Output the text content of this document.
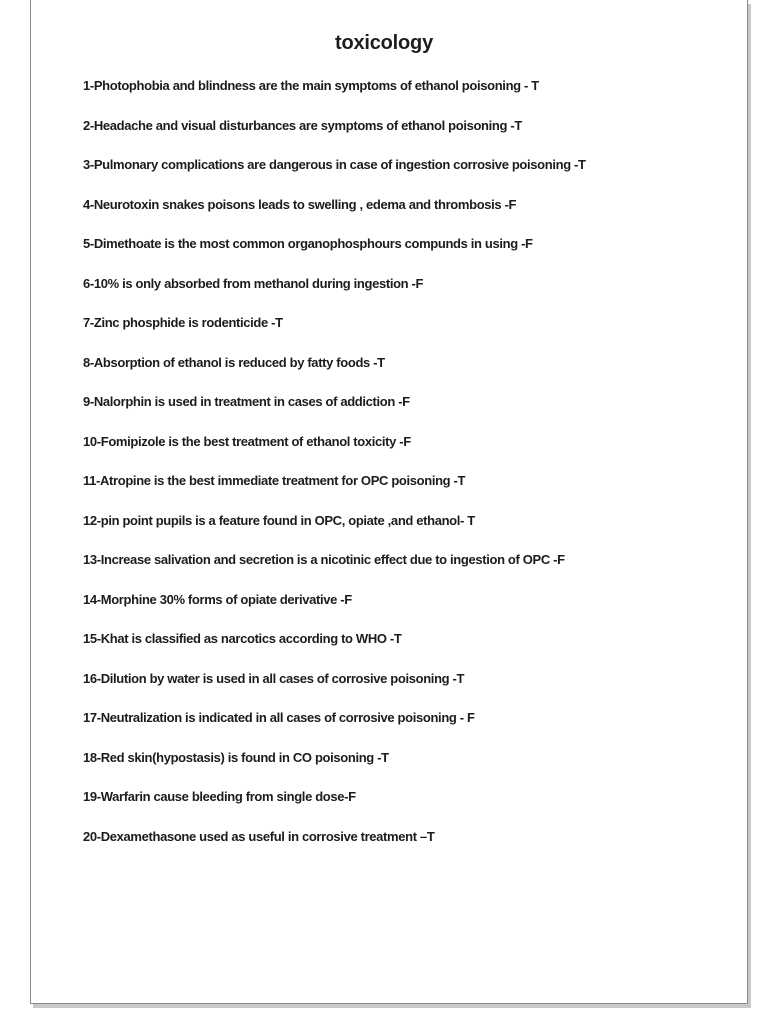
toxicology
1-Photophobia and blindness are the main symptoms of ethanol poisoning - T
2-Headache and visual disturbances are symptoms of ethanol poisoning -T
3-Pulmonary complications are dangerous in case of ingestion corrosive poisoning -T
4-Neurotoxin snakes poisons leads to swelling , edema and thrombosis -F
5-Dimethoate is the most common organophosphours compunds in using -F
6-10% is only absorbed from methanol during ingestion -F
7-Zinc phosphide is rodenticide -T
8-Absorption of ethanol is reduced by fatty foods -T
9-Nalorphin is used in treatment in cases of addiction -F
10-Fomipizole is the best treatment of ethanol toxicity -F
11-Atropine is the best immediate treatment for OPC poisoning -T
12-pin point pupils is a feature found in OPC, opiate ,and ethanol- T
13-Increase salivation and secretion is a nicotinic effect due to ingestion of OPC -F
14-Morphine 30% forms of opiate derivative -F
15-Khat is classified as narcotics according to WHO -T
16-Dilution by water is used in all cases of corrosive poisoning -T
17-Neutralization is indicated in all cases of corrosive poisoning - F
18-Red skin(hypostasis) is found in CO poisoning -T
19-Warfarin cause bleeding from single dose-F
20-Dexamethasone used as useful in corrosive treatment –T
